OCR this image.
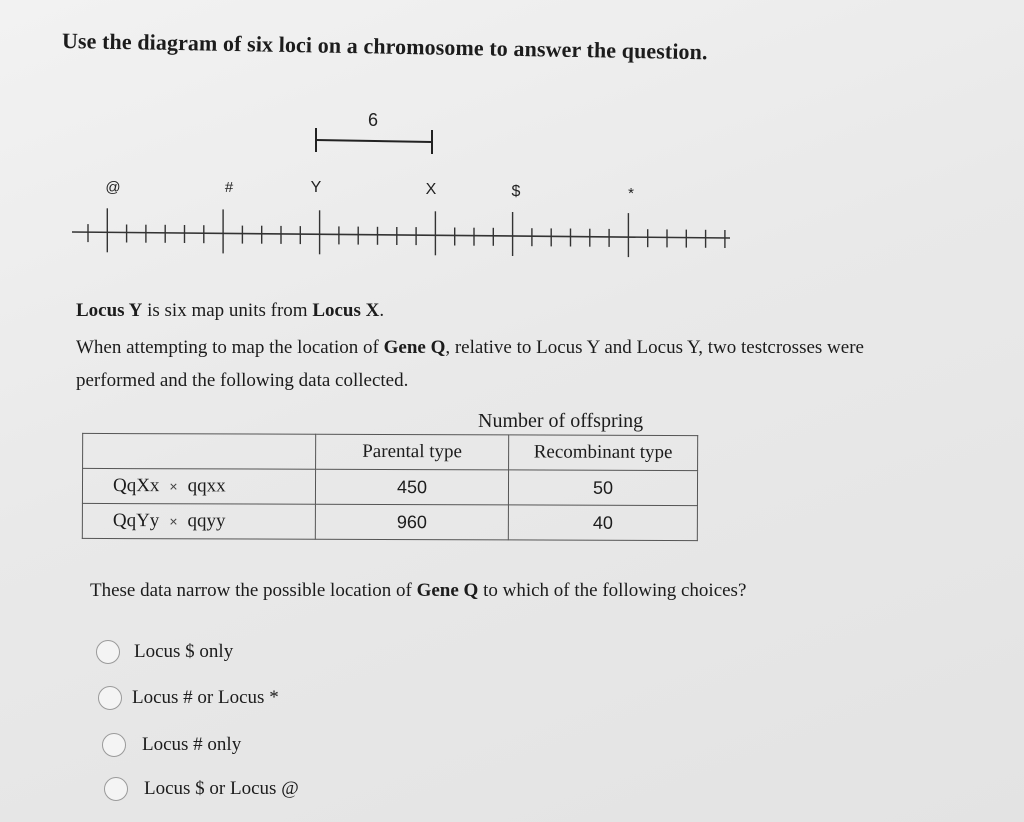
Use the diagram of six loci on a chromosome to answer the question.
6
@	#	Y	X	$	*
Locus Y is six map units from Locus X.
When attempting to map the location of Gene Q, relative to Locus Y and Locus Y, two testcrosses were
performed and the following data collected.
Number of offspring
	Parental type	Recombinant type
QqXx × qqxx	450	50
QqYy × qqyy	960	40
These data narrow the possible location of Gene Q to which of the following choices?
Locus $ only
Locus # or Locus *
Locus # only
Locus $ or Locus @
